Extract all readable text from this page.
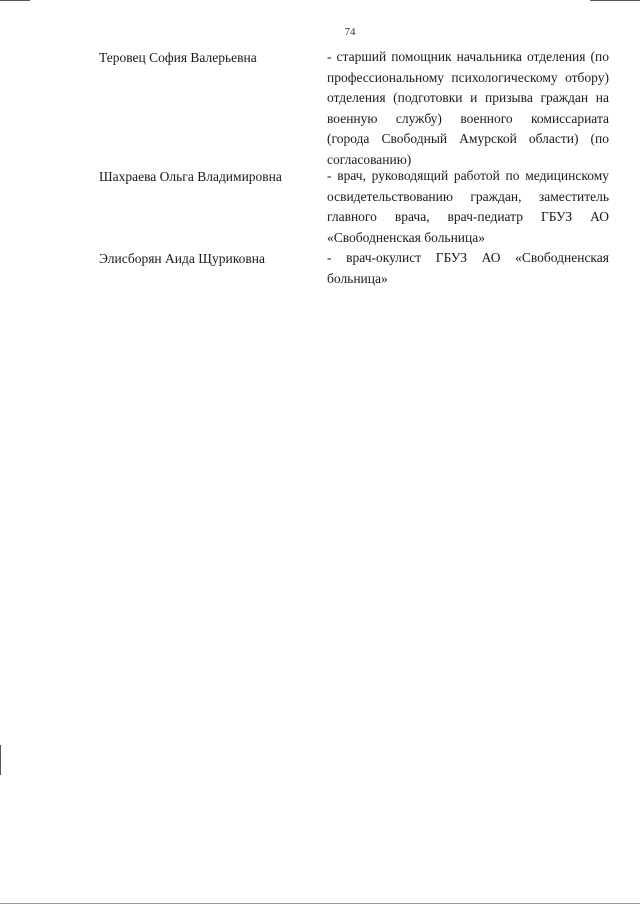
74
Теровец София Валерьевна	- старший помощник начальника отделения (по профессиональному психологическому отбору) отделения (подготовки и призыва граждан на военную службу) военного комиссариата (города Свободный Амурской области) (по согласованию)
Шахраева Ольга Владимировна	- врач, руководящий работой по медицинскому освидетельствованию граждан, заместитель главного врача, врач-педиатр ГБУЗ АО «Свободненская больница»
Элисборян Аида Щуриковна	- врач-окулист ГБУЗ АО «Свободненская больница»
